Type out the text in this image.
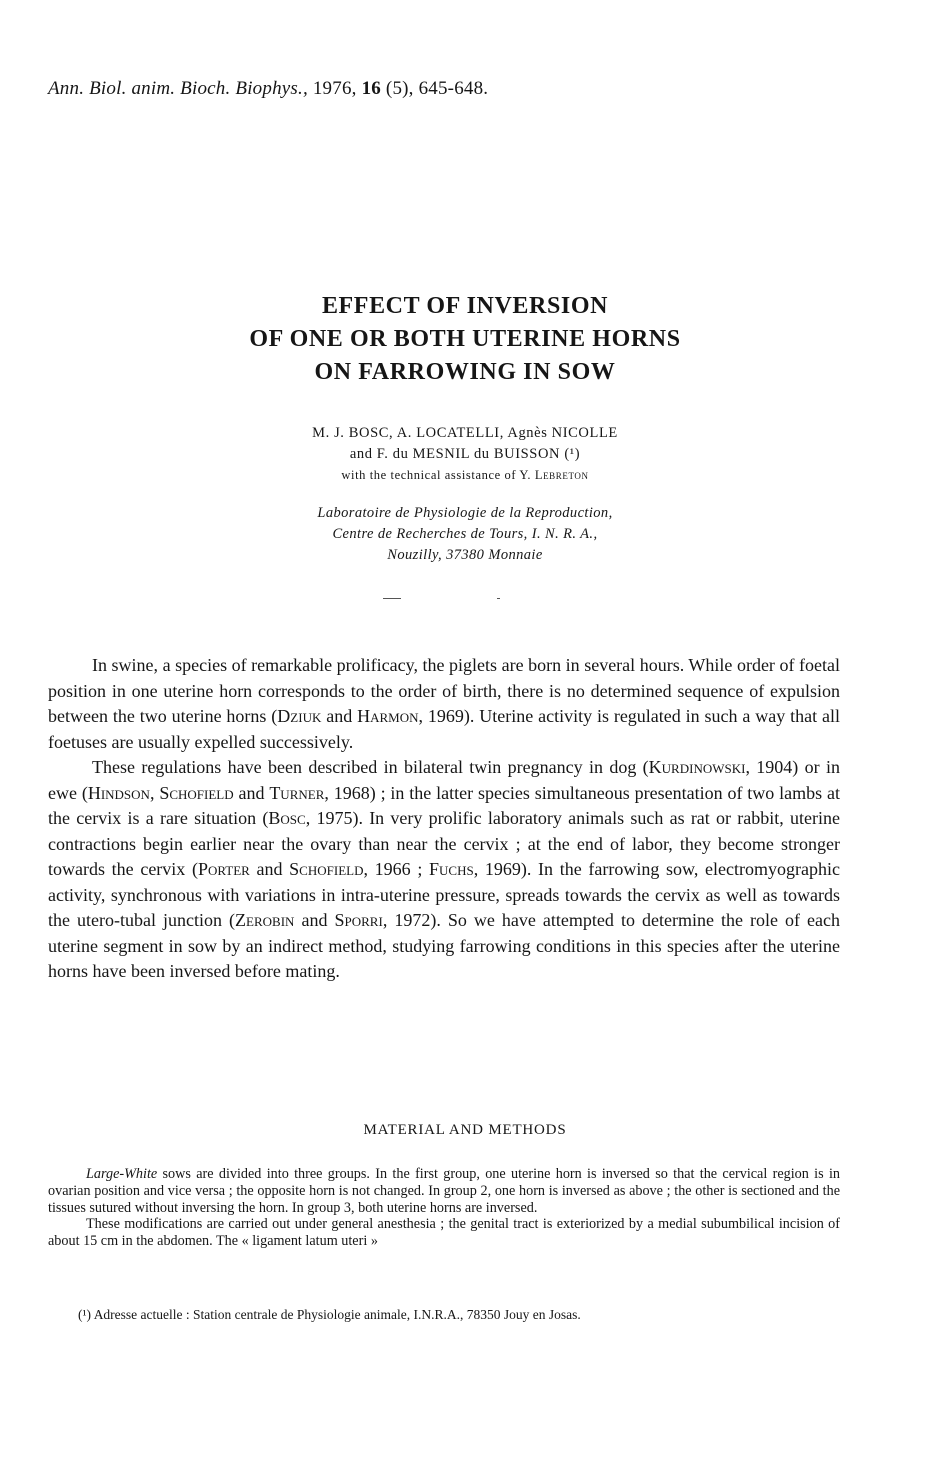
Ann. Biol. anim. Bioch. Biophys., 1976, 16 (5), 645-648.
EFFECT OF INVERSION
OF ONE OR BOTH UTERINE HORNS
ON FARROWING IN SOW
M. J. BOSC, A. LOCATELLI, Agnès NICOLLE
and F. du MESNIL du BUISSON (¹)
with the technical assistance of Y. Lebreton
Laboratoire de Physiologie de la Reproduction,
Centre de Recherches de Tours, I. N. R. A.,
Nouzilly, 37380 Monnaie

In swine, a species of remarkable prolificacy, the piglets are born in several hours. While order of foetal position in one uterine horn corresponds to the order of birth, there is no determined sequence of expulsion between the two uterine horns (Dziuk and Harmon, 1969). Uterine activity is regulated in such a way that all foetuses are usually expelled successively.

These regulations have been described in bilateral twin pregnancy in dog (Kurdinowski, 1904) or in ewe (Hindson, Schofield and Turner, 1968) ; in the latter species simultaneous presentation of two lambs at the cervix is a rare situation (Bosc, 1975). In very prolific laboratory animals such as rat or rabbit, uterine contractions begin earlier near the ovary than near the cervix ; at the end of labor, they become stronger towards the cervix (Porter and Schofield, 1966 ; Fuchs, 1969). In the farrowing sow, electromyographic activity, synchronous with variations in intra-uterine pressure, spreads towards the cervix as well as towards the utero-tubal junction (Zerobin and Sporri, 1972). So we have attempted to determine the role of each uterine segment in sow by an indirect method, studying farrowing conditions in this species after the uterine horns have been inversed before mating.

MATERIAL AND METHODS

Large-White sows are divided into three groups. In the first group, one uterine horn is inversed so that the cervical region is in ovarian position and vice versa ; the opposite horn is not changed. In group 2, one horn is inversed as above ; the other is sectioned and the tissues sutured without inversing the horn. In group 3, both uterine horns are inversed.

These modifications are carried out under general anesthesia ; the genital tract is exteriorized by a medial subumbilical incision of about 15 cm in the abdomen. The « ligament latum uteri »

(¹) Adresse actuelle : Station centrale de Physiologie animale, I.N.R.A., 78350 Jouy en Josas.
